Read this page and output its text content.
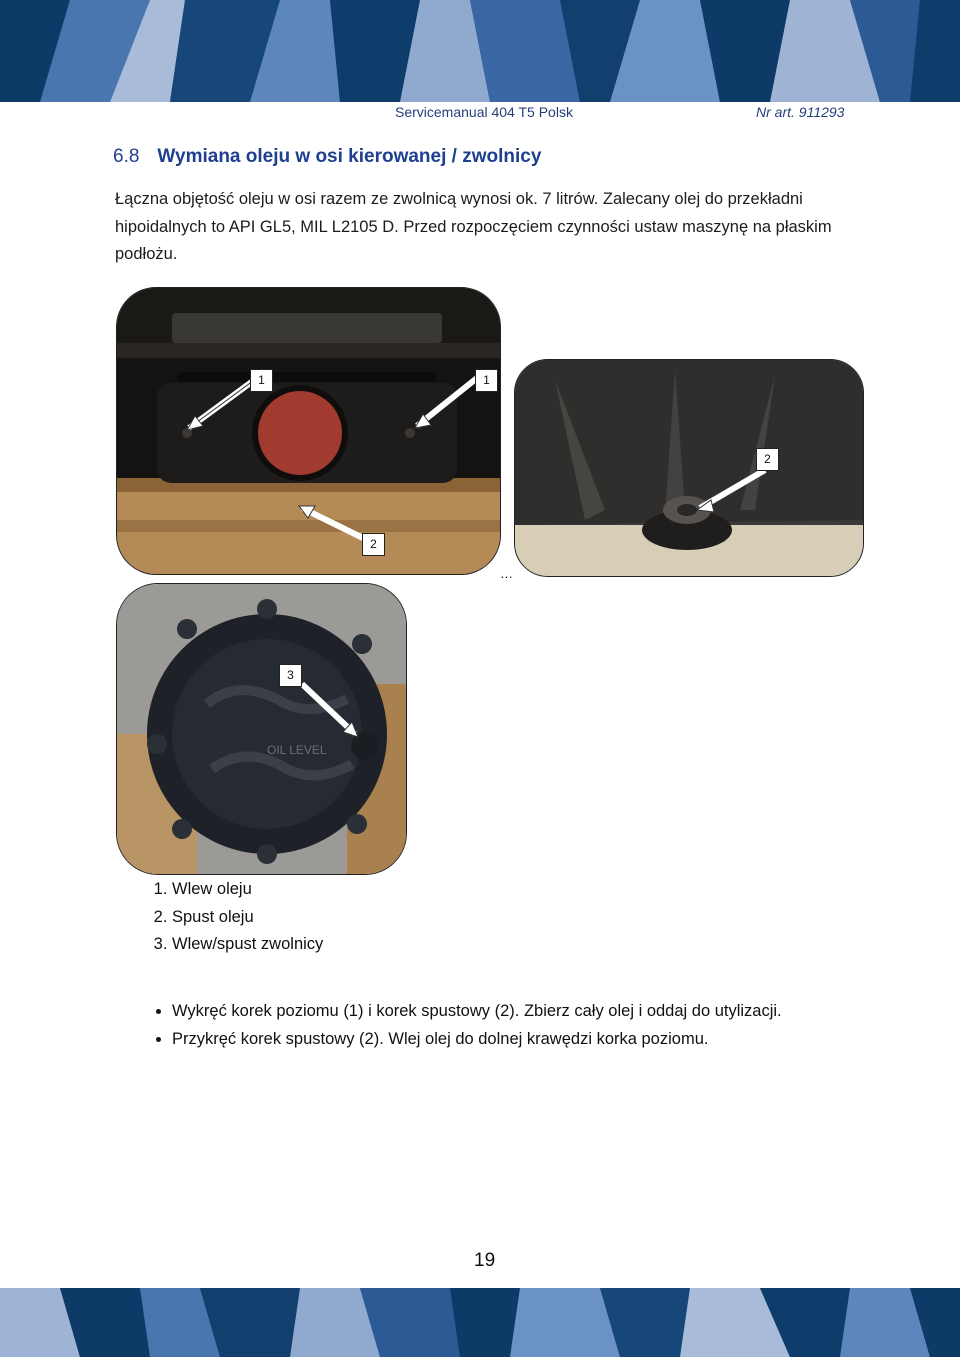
Servicemanual 404 T5 Polsk	Nr art. 911293
6.8 Wymiana oleju w osi kierowanej / zwolnicy
Łączna objętość oleju w osi razem ze zwolnicą wynosi ok. 7 litrów. Zalecany olej do przekładni hipoidalnych to API GL5, MIL L2105 D. Przed rozpoczęciem czynności ustaw maszynę na płaskim podłożu.
1	1
2
2
…
OIL LEVEL
3
1. Wlew oleju
2. Spust oleju
3. Wlew/spust zwolnicy
• Wykręć korek poziomu (1) i korek spustowy (2). Zbierz cały olej i oddaj do utylizacji.
• Przykręć korek spustowy (2). Wlej olej do dolnej krawędzi korka poziomu.
19
